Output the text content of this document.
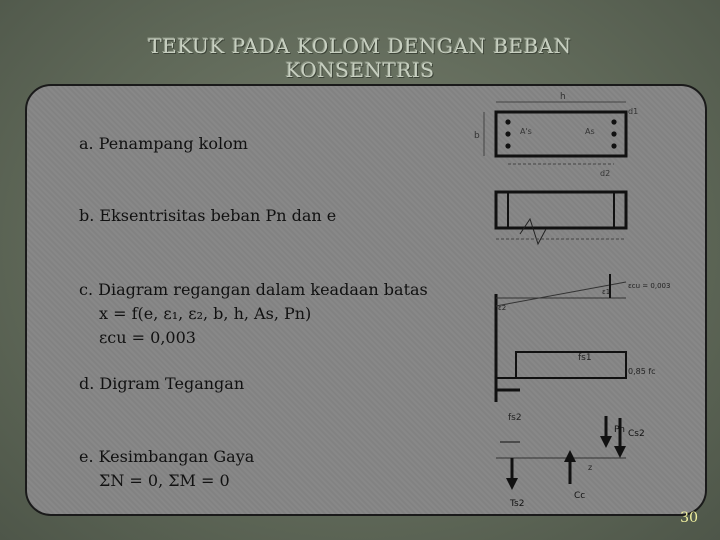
TEKUK PADA KOLOM DENGAN BEBAN
KONSENTRIS
a. Penampang kolom
b. Eksentrisitas beban Pn dan e
c. Diagram regangan dalam keadaan batas
x = f(e, ε₁, ε₂, b, h, As, Pn)
εcu = 0,003
d. Digram Tegangan
e. Kesimbangan Gaya
ΣN = 0, ΣM = 0
h
b	A's	As
d1
d2
εcu = 0,003
ε1
ε2
fs1
0,85 fc
fs2
Pn Cs2
Ts2
Cc
z
30
